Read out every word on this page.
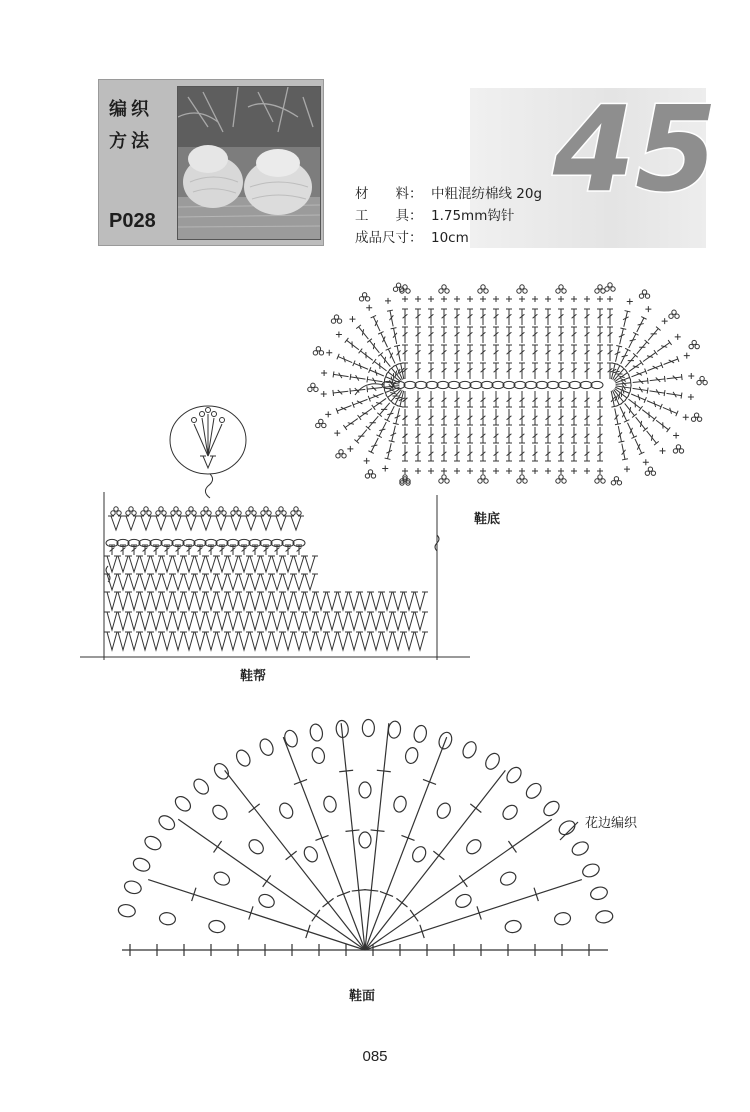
编织方法
P028
45
材　　料： 中粗混纺棉线 20g
工　　具： 1.75mm钩针
成品尺寸： 10cm
鞋底
鞋帮
鞋面
花边编织
085
